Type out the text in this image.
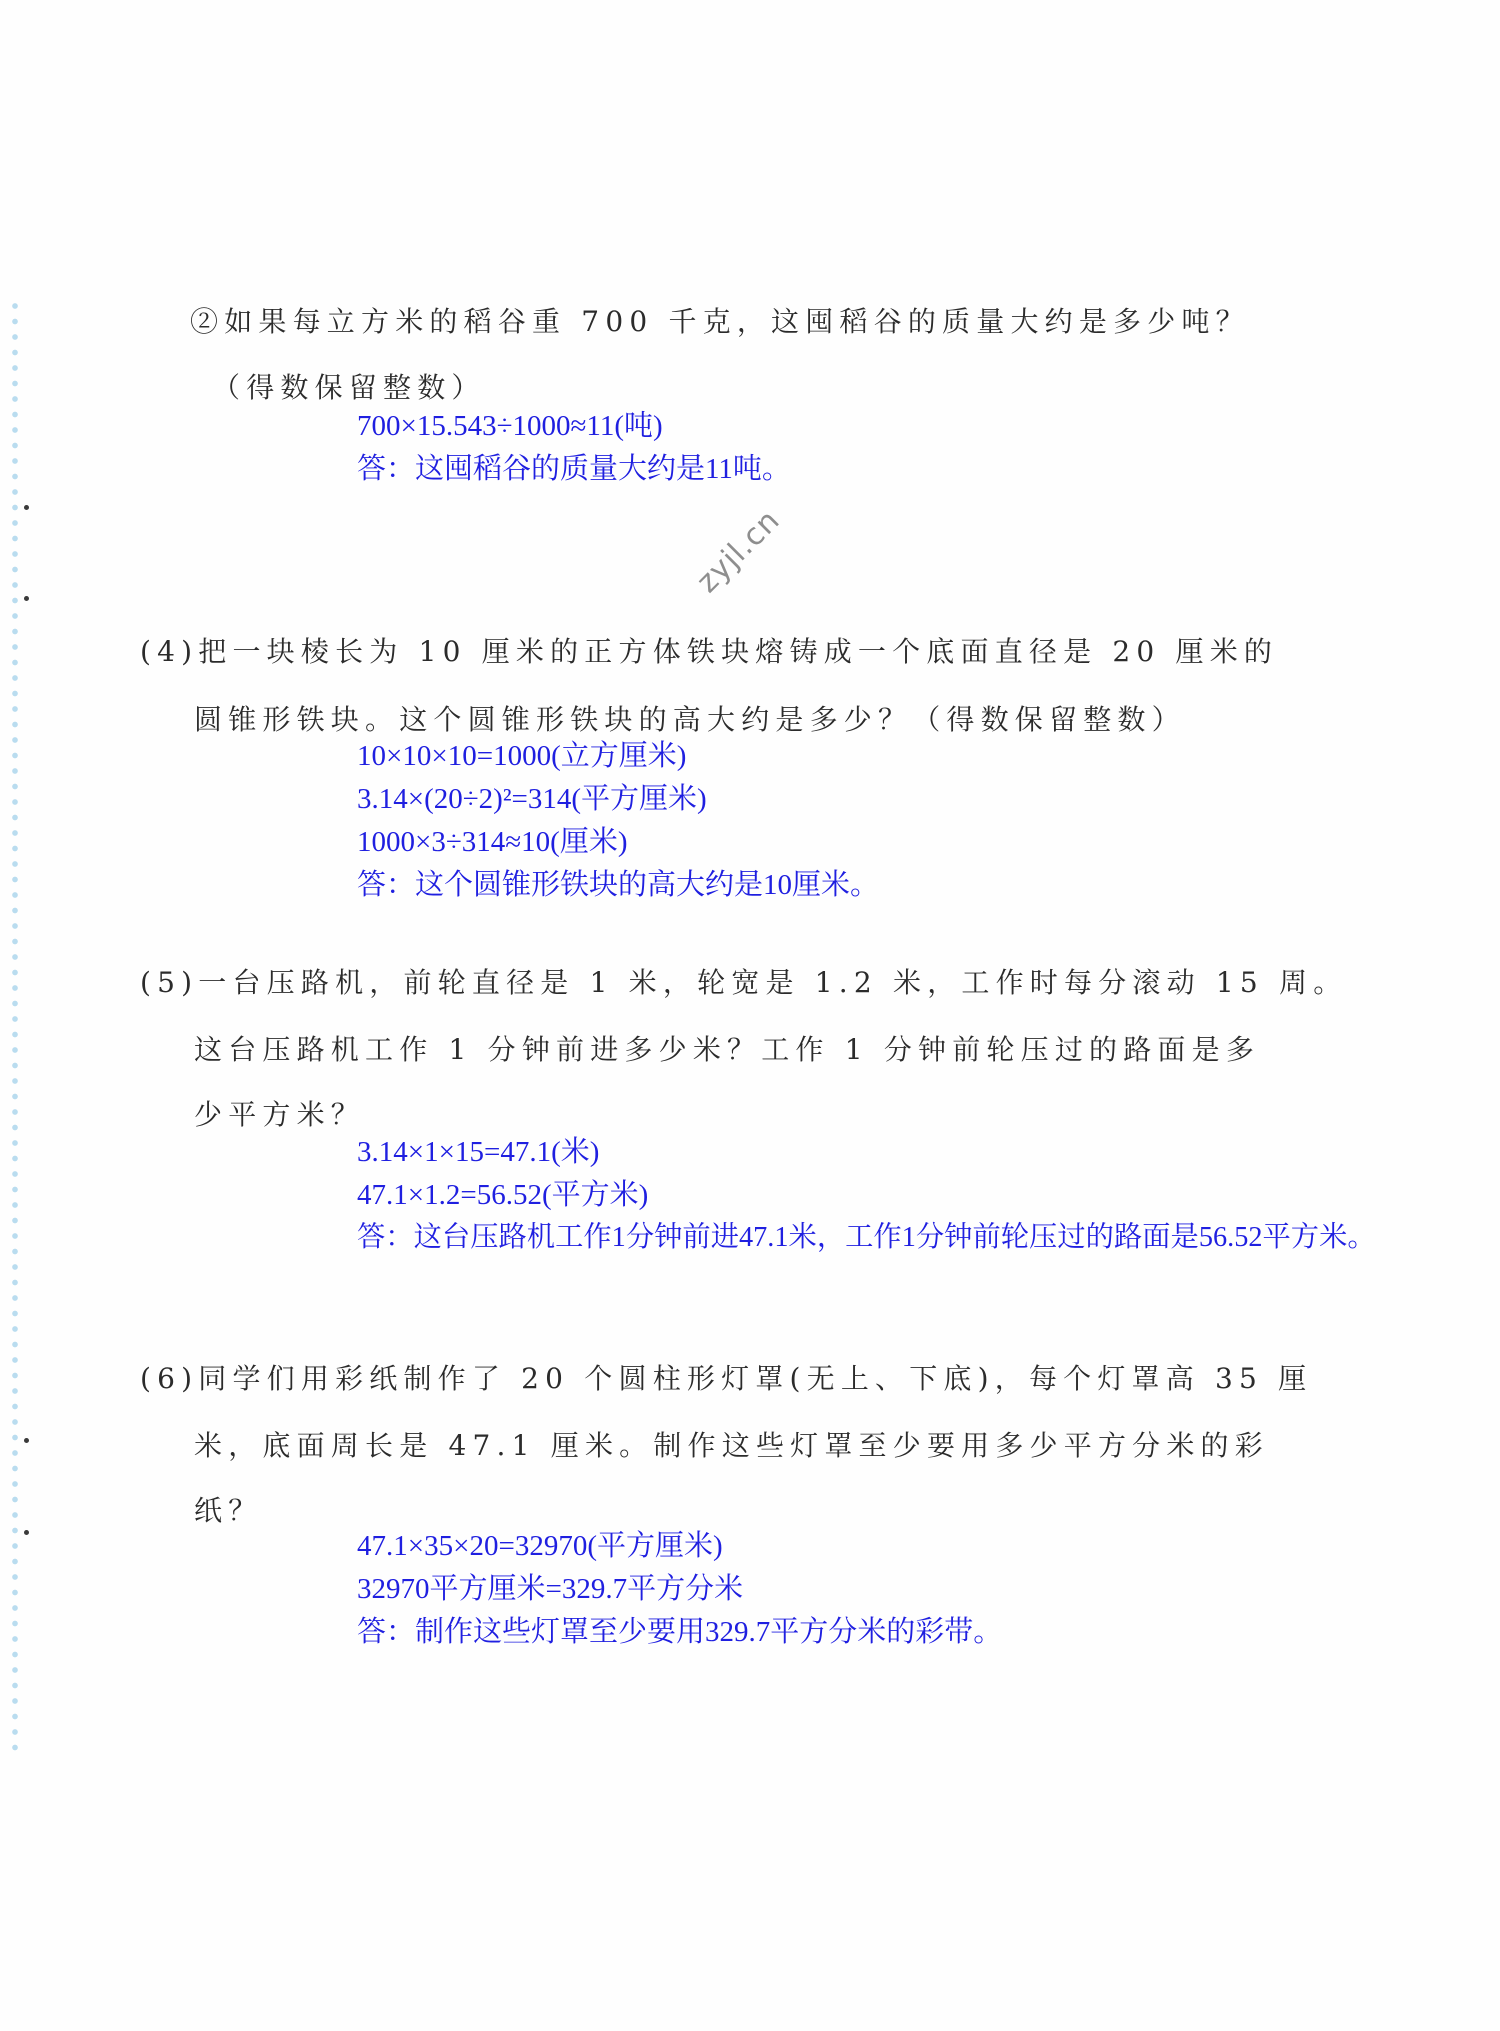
zyjl.cn
②如果每立方米的稻谷重 700 千克，这囤稻谷的质量大约是多少吨？
（得数保留整数）
700×15.543÷1000≈11(吨)
答：这囤稻谷的质量大约是11吨。
(4)把一块棱长为 10 厘米的正方体铁块熔铸成一个底面直径是 20 厘米的
圆锥形铁块。这个圆锥形铁块的高大约是多少？（得数保留整数）
10×10×10=1000(立方厘米)
3.14×(20÷2)²=314(平方厘米)
1000×3÷314≈10(厘米)
答：这个圆锥形铁块的高大约是10厘米。
(5)一台压路机，前轮直径是 1 米，轮宽是 1.2 米，工作时每分滚动 15 周。
这台压路机工作 1 分钟前进多少米？工作 1 分钟前轮压过的路面是多
少平方米？
3.14×1×15=47.1(米)
47.1×1.2=56.52(平方米)
答：这台压路机工作1分钟前进47.1米，工作1分钟前轮压过的路面是56.52平方米。
(6)同学们用彩纸制作了 20 个圆柱形灯罩(无上、下底)，每个灯罩高 35 厘
米，底面周长是 47.1 厘米。制作这些灯罩至少要用多少平方分米的彩
纸？
47.1×35×20=32970(平方厘米)
32970平方厘米=329.7平方分米
答：制作这些灯罩至少要用329.7平方分米的彩带。
